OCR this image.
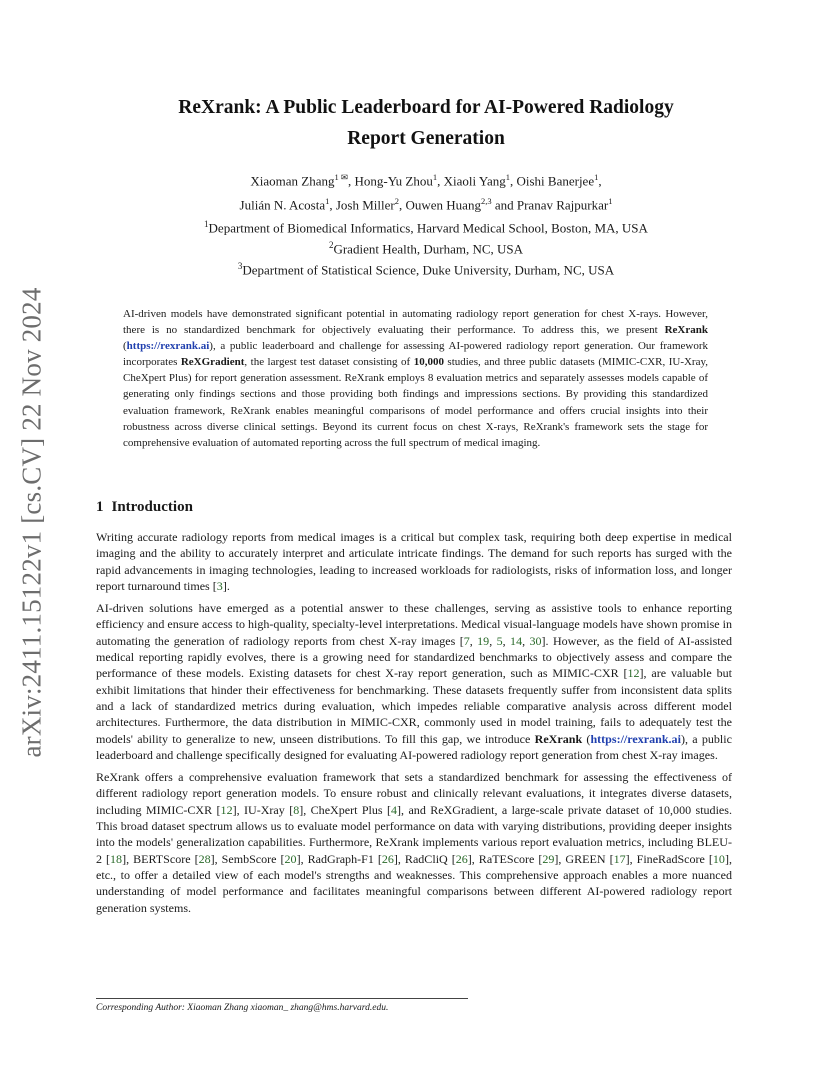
arXiv:2411.15122v1 [cs.CV] 22 Nov 2024
ReXrank: A Public Leaderboard for AI-Powered Radiology
Report Generation
Xiaoman Zhang$^{1 ✉}$, Hong-Yu Zhou$^1$, Xiaoli Yang$^1$, Oishi Banerjee$^1$,
Julián N. Acosta$^1$, Josh Miller$^2$, Ouwen Huang$^{2,3}$ and Pranav Rajpurkar$^1$
$^1$Department of Biomedical Informatics, Harvard Medical School, Boston, MA, USA
$^2$Gradient Health, Durham, NC, USA
$^3$Department of Statistical Science, Duke University, Durham, NC, USA

AI-driven models have demonstrated significant potential in automating radiology report generation for chest X-rays. However, there is no standardized benchmark for objectively evaluating their performance. To address this, we present ReXrank (https://rexrank.ai), a public leaderboard and challenge for assessing AI-powered radiology report generation. Our framework incorporates ReXGradient, the largest test dataset consisting of 10,000 studies, and three public datasets (MIMIC-CXR, IU-Xray, CheXpert Plus) for report generation assessment. ReXrank employs 8 evaluation metrics and separately assesses models capable of generating only findings sections and those providing both findings and impressions sections. By providing this standardized evaluation framework, ReXrank enables meaningful comparisons of model performance and offers crucial insights into their robustness across diverse clinical settings. Beyond its current focus on chest X-rays, ReXrank's framework sets the stage for comprehensive evaluation of automated reporting across the full spectrum of medical imaging.

1 Introduction

Writing accurate radiology reports from medical images is a critical but complex task, requiring both deep expertise in medical imaging and the ability to accurately interpret and articulate intricate findings. The demand for such reports has surged with the rapid advancements in imaging technologies, leading to increased workloads for radiologists, risks of information loss, and longer report turnaround times [3].

AI-driven solutions have emerged as a potential answer to these challenges, serving as assistive tools to enhance reporting efficiency and ensure access to high-quality, specialty-level interpretations. Medical visual-language models have shown promise in automating the generation of radiology reports from chest X-ray images [7, 19, 5, 14, 30]. However, as the field of AI-assisted medical reporting rapidly evolves, there is a growing need for standardized benchmarks to objectively assess and compare the performance of these models. Existing datasets for chest X-ray report generation, such as MIMIC-CXR [12], are valuable but exhibit limitations that hinder their effectiveness for benchmarking. These datasets frequently suffer from inconsistent data splits and a lack of standardized metrics during evaluation, which impedes reliable comparative analysis across different model architectures. Furthermore, the data distribution in MIMIC-CXR, commonly used in model training, fails to adequately test the models' ability to generalize to new, unseen distributions. To fill this gap, we introduce ReXrank (https://rexrank.ai), a public leaderboard and challenge specifically designed for evaluating AI-powered radiology report generation from chest X-ray images.

ReXrank offers a comprehensive evaluation framework that sets a standardized benchmark for assessing the effectiveness of different radiology report generation models. To ensure robust and clinically relevant evaluations, it integrates diverse datasets, including MIMIC-CXR [12], IU-Xray [8], CheXpert Plus [4], and ReXGradient, a large-scale private dataset of 10,000 studies. This broad dataset spectrum allows us to evaluate model performance on data with varying distributions, providing deeper insights into the models' generalization capabilities. Furthermore, ReXrank implements various report evaluation metrics, including BLEU-2 [18], BERTScore [28], SembScore [20], RadGraph-F1 [26], RadCliQ [26], RaTEScore [29], GREEN [17], FineRadScore [10], etc., to offer a detailed view of each model's strengths and weaknesses. This comprehensive approach enables a more nuanced understanding of model performance and facilitates meaningful comparisons between different AI-powered radiology report generation systems.

Corresponding Author: Xiaoman Zhang xiaoman_ zhang@hms.harvard.edu.
